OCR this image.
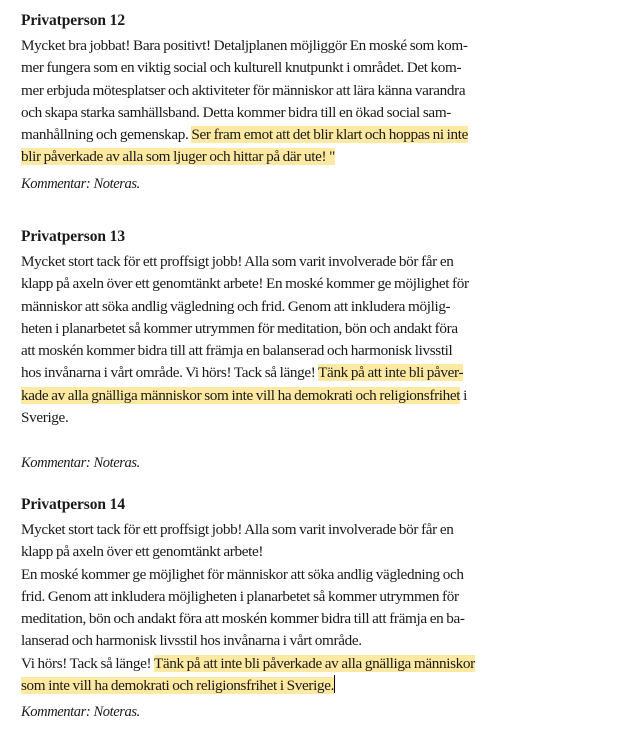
Privatperson 12
Mycket bra jobbat! Bara positivt! Detaljplanen möjliggör En moské som kom-
mer fungera som en viktig social och kulturell knutpunkt i området. Det kom-
mer erbjuda mötesplatser och aktiviteter för människor att lära känna varandra
och skapa starka samhällsband. Detta kommer bidra till en ökad social sam-
manhållning och gemenskap. Ser fram emot att det blir klart och hoppas ni inte
blir påverkade av alla som ljuger och hittar på där ute! "
Kommentar: Noteras.
Privatperson 13
Mycket stort tack för ett proffsigt jobb! Alla som varit involverade bör får en
klapp på axeln över ett genomtänkt arbete! En moské kommer ge möjlighet för
människor att söka andlig vägledning och frid. Genom att inkludera möjlig-
heten i planarbetet så kommer utrymmen för meditation, bön och andakt föra
att moskén kommer bidra till att främja en balanserad och harmonisk livsstil
hos invånarna i vårt område. Vi hörs! Tack så länge! Tänk på att inte bli påver-
kade av alla gnälliga människor som inte vill ha demokrati och religionsfrihet i
Sverige.
Kommentar: Noteras.
Privatperson 14
Mycket stort tack för ett proffsigt jobb! Alla som varit involverade bör får en
klapp på axeln över ett genomtänkt arbete!
En moské kommer ge möjlighet för människor att söka andlig vägledning och
frid. Genom att inkludera möjligheten i planarbetet så kommer utrymmen för
meditation, bön och andakt föra att moskén kommer bidra till att främja en ba-
lanserad och harmonisk livsstil hos invånarna i vårt område.
Vi hörs! Tack så länge! Tänk på att inte bli påverkade av alla gnälliga människor
som inte vill ha demokrati och religionsfrihet i Sverige.
Kommentar: Noteras.
